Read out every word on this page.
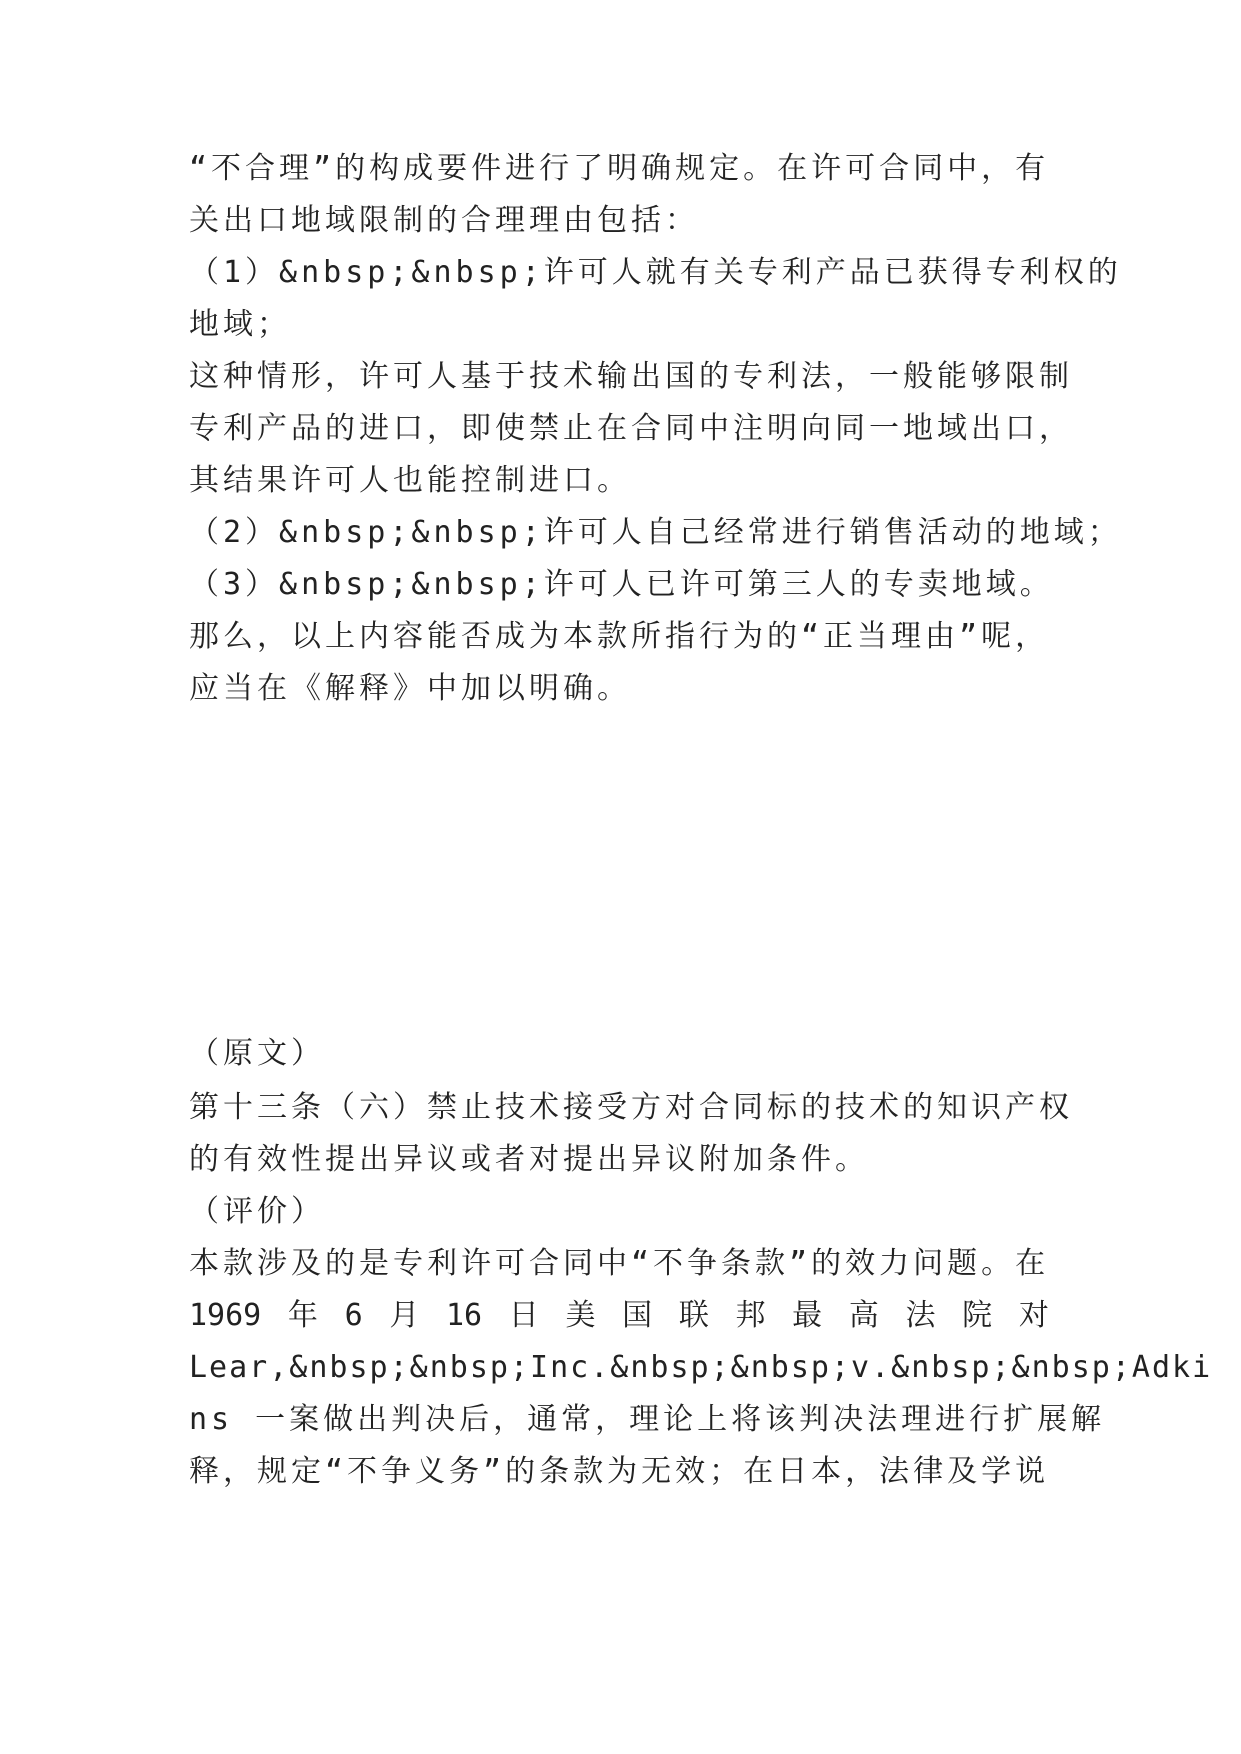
“不合理”的构成要件进行了明确规定。在许可合同中，有
关出口地域限制的合理理由包括：
（1）&nbsp;&nbsp;许可人就有关专利产品已获得专利权的
地域；
这种情形，许可人基于技术输出国的专利法，一般能够限制
专利产品的进口，即使禁止在合同中注明向同一地域出口，
其结果许可人也能控制进口。
（2）&nbsp;&nbsp;许可人自己经常进行销售活动的地域；
（3）&nbsp;&nbsp;许可人已许可第三人的专卖地域。
那么，以上内容能否成为本款所指行为的“正当理由”呢，
应当在《解释》中加以明确。
（原文）
第十三条（六）禁止技术接受方对合同标的技术的知识产权
的有效性提出异议或者对提出异议附加条件。
（评价）
本款涉及的是专利许可合同中“不争条款”的效力问题。在
1969 年 6 月 16 日 美 国 联 邦 最 高 法 院 对
Lear,&nbsp;&nbsp;Inc.&nbsp;&nbsp;v.&nbsp;&nbsp;Adki
ns 一案做出判决后，通常，理论上将该判决法理进行扩展解
释，规定“不争义务”的条款为无效；在日本，法律及学说
